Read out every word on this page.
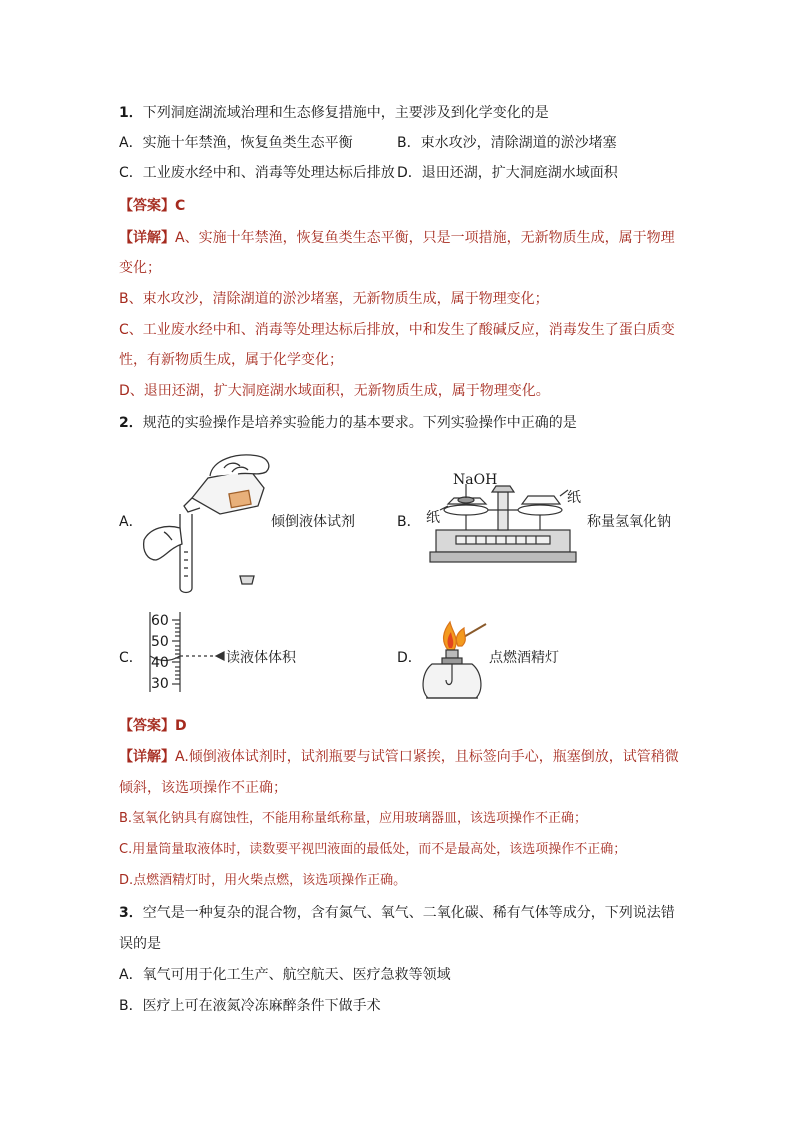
1．下列洞庭湖流域治理和生态修复措施中，主要涉及到化学变化的是
A．实施十年禁渔，恢复鱼类生态平衡	B．束水攻沙，清除湖道的淤沙堵塞
C．工业废水经中和、消毒等处理达标后排放 D．退田还湖，扩大洞庭湖水域面积
【答案】C
【详解】A、实施十年禁渔，恢复鱼类生态平衡，只是一项措施，无新物质生成，属于物理
变化；
B、束水攻沙，清除湖道的淤沙堵塞，无新物质生成，属于物理变化；
C、工业废水经中和、消毒等处理达标后排放，中和发生了酸碱反应，消毒发生了蛋白质变
性，有新物质生成，属于化学变化；
D、退田还湖，扩大洞庭湖水域面积，无新物质生成，属于物理变化。
2．规范的实验操作是培养实验能力的基本要求。下列实验操作中正确的是
A．	倾倒液体试剂	B．
NaOH
纸
纸	称量氢氧化钠
C．
60
50
40
30
读液体体积	D．	点燃酒精灯
【答案】D
【详解】A.倾倒液体试剂时，试剂瓶要与试管口紧挨，且标签向手心，瓶塞倒放，试管稍微
倾斜，该选项操作不正确；
B.氢氧化钠具有腐蚀性，不能用称量纸称量，应用玻璃器皿，该选项操作不正确；
C.用量筒量取液体时，读数要平视凹液面的最低处，而不是最高处，该选项操作不正确；
D.点燃酒精灯时，用火柴点燃，该选项操作正确。
3．空气是一种复杂的混合物，含有氮气、氧气、二氧化碳、稀有气体等成分，下列说法错
误的是
A．氧气可用于化工生产、航空航天、医疗急救等领域
B．医疗上可在液氮冷冻麻醉条件下做手术
